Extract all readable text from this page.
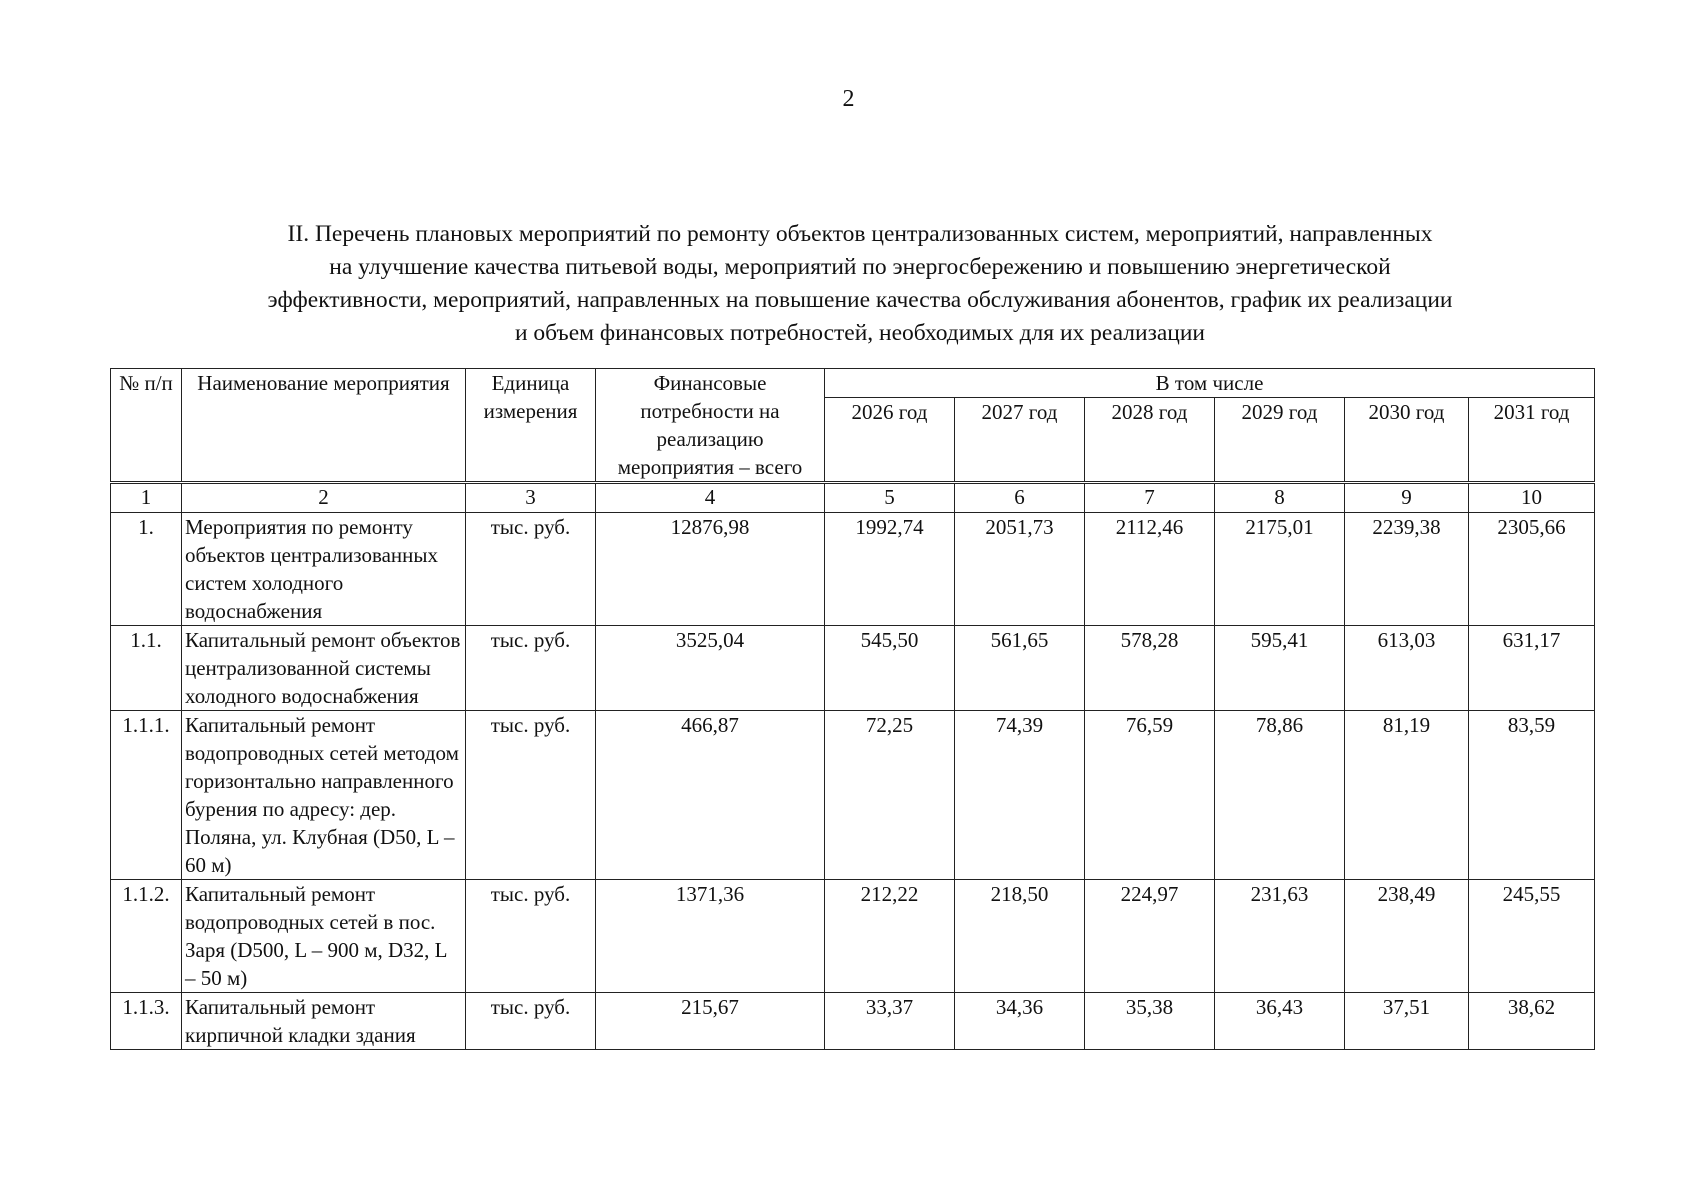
2
II. Перечень плановых мероприятий по ремонту объектов централизованных систем, мероприятий, направленных
на улучшение качества питьевой воды, мероприятий по энергосбережению и повышению энергетической
эффективности, мероприятий, направленных на повышение качества обслуживания абонентов, график их реализации
и объем финансовых потребностей, необходимых для их реализации
№ п/п	Наименование мероприятия	Единица измерения	Финансовые потребности на реализацию мероприятия – всего	В том числе					
				2026 год	2027 год	2028 год	2029 год	2030 год	2031 год
1	2	3	4	5	6	7	8	9	10
1.	Мероприятия по ремонту объектов централизованных систем холодного водоснабжения	тыс. руб.	12876,98	1992,74	2051,73	2112,46	2175,01	2239,38	2305,66
1.1.	Капитальный ремонт объектов централизованной системы холодного водоснабжения	тыс. руб.	3525,04	545,50	561,65	578,28	595,41	613,03	631,17
1.1.1.	Капитальный ремонт водопроводных сетей методом горизонтально направленного бурения по адресу: дер. Поляна, ул. Клубная (D50, L – 60 м)	тыс. руб.	466,87	72,25	74,39	76,59	78,86	81,19	83,59
1.1.2.	Капитальный ремонт водопроводных сетей в пос. Заря (D500, L – 900 м, D32, L – 50 м)	тыс. руб.	1371,36	212,22	218,50	224,97	231,63	238,49	245,55
1.1.3.	Капитальный ремонт кирпичной кладки здания	тыс. руб.	215,67	33,37	34,36	35,38	36,43	37,51	38,62
